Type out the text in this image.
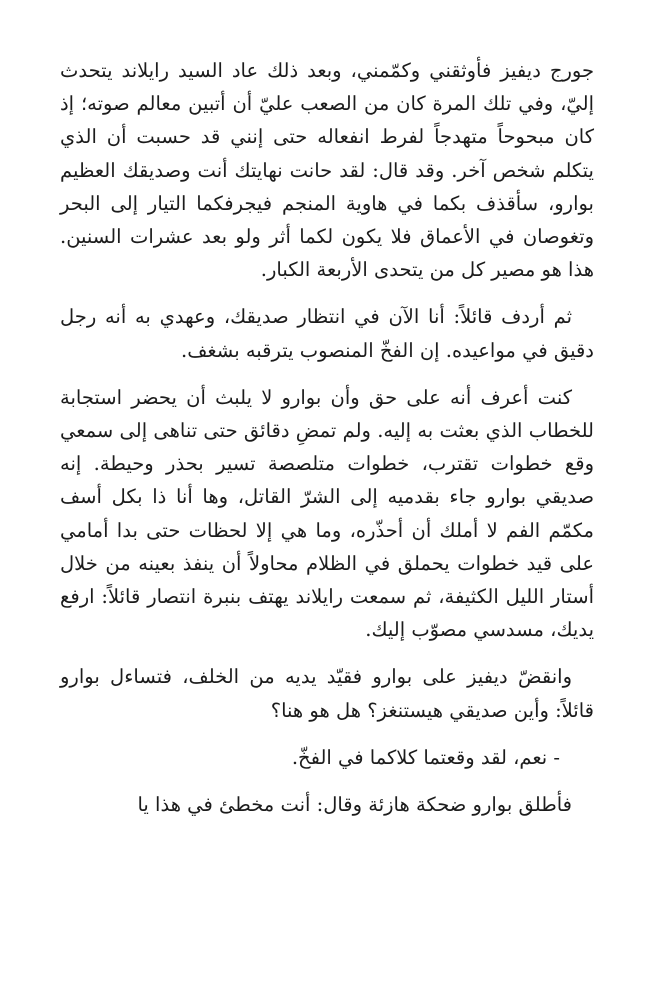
جورج ديفيز فأوثقني وكمّمني، وبعد ذلك عاد السيد رايلاند يتحدث إليّ، وفي تلك المرة كان من الصعب عليّ أن أتبين معالم صوته؛ إذ كان مبحوحاً متهدجاً لفرط انفعاله حتى إنني قد حسبت أن الذي يتكلم شخص آخر. وقد قال: لقد حانت نهايتك أنت وصديقك العظيم بوارو، سأقذف بكما في هاوية المنجم فيجرفكما التيار إلى البحر وتغوصان في الأعماق فلا يكون لكما أثر ولو بعد عشرات السنين. هذا هو مصير كل من يتحدى الأربعة الكبار.

ثم أردف قائلاً: أنا الآن في انتظار صديقك، وعهدي به أنه رجل دقيق في مواعيده. إن الفخّ المنصوب يترقبه بشغف.

كنت أعرف أنه على حق وأن بوارو لا يلبث أن يحضر استجابة للخطاب الذي بعثت به إليه. ولم تمضِ دقائق حتى تناهى إلى سمعي وقع خطوات تقترب، خطوات متلصصة تسير بحذر وحيطة. إنه صديقي بوارو جاء بقدميه إلى الشرّ القاتل، وها أنا ذا بكل أسف مكمّم الفم لا أملك أن أحذّره، وما هي إلا لحظات حتى بدا أمامي على قيد خطوات يحملق في الظلام محاولاً أن ينفذ بعينه من خلال أستار الليل الكثيفة، ثم سمعت رايلاند يهتف بنبرة انتصار قائلاً: ارفع يديك، مسدسي مصوّب إليك.

وانقضّ ديفيز على بوارو فقيّد يديه من الخلف، فتساءل بوارو قائلاً: وأين صديقي هيستنغز؟ هل هو هنا؟

- نعم، لقد وقعتما كلاكما في الفخّ.

فأطلق بوارو ضحكة هازئة وقال: أنت مخطئ في هذا يا
